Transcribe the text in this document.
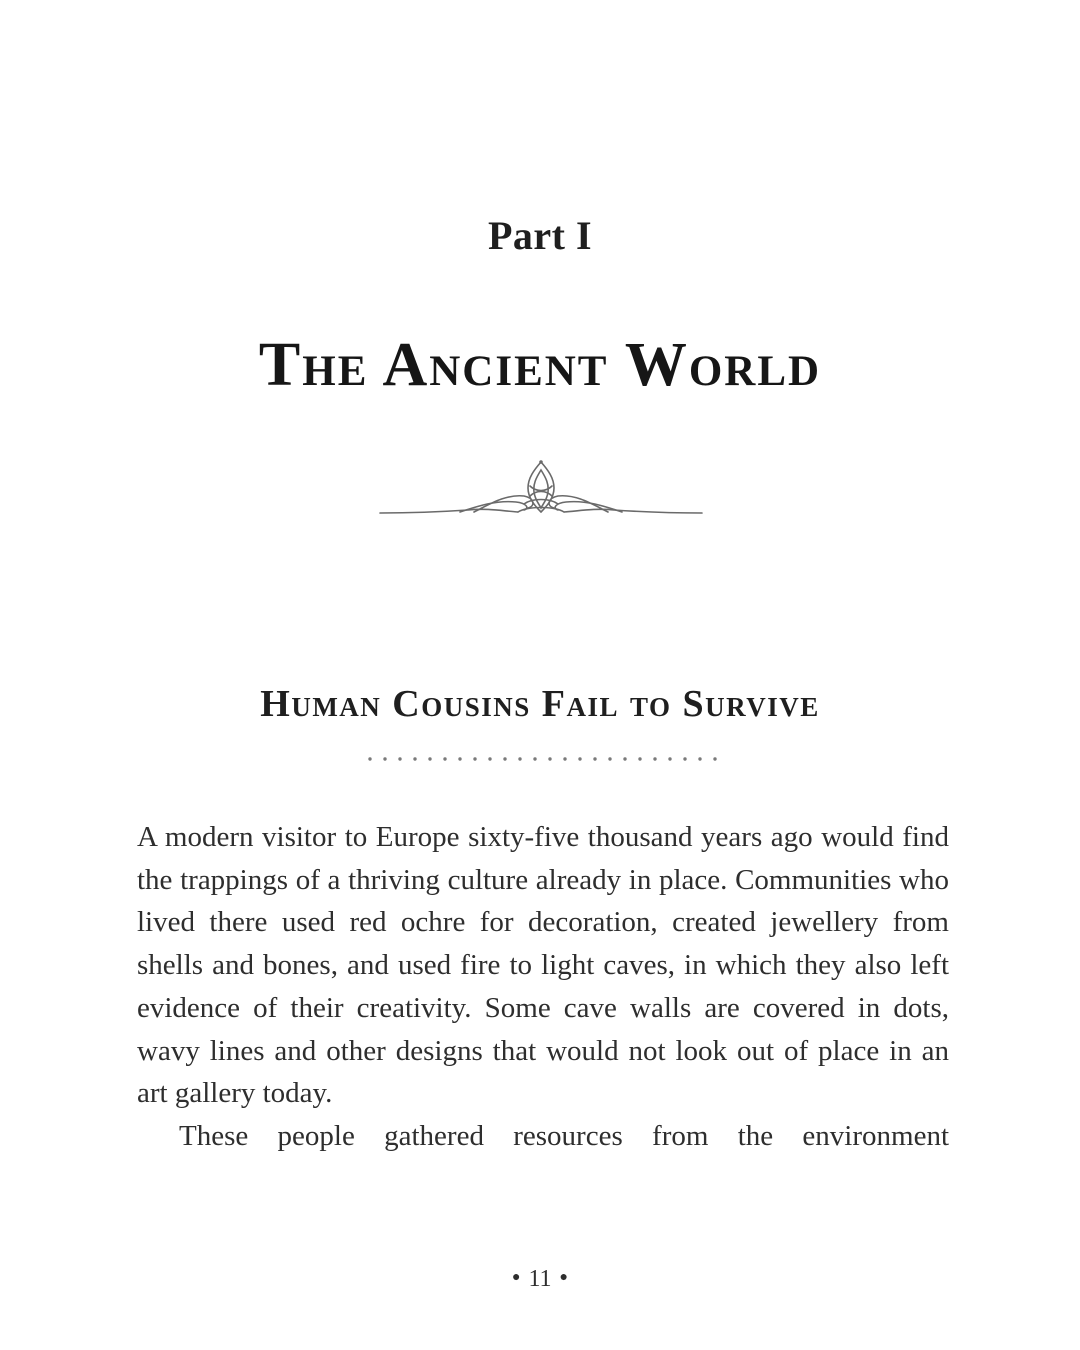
Part I
The Ancient World
Human Cousins Fail to Survive

A modern visitor to Europe sixty-five thousand years ago would find the trappings of a thriving culture already in place. Communities who lived there used red ochre for decoration, created jewellery from shells and bones, and used fire to light caves, in which they also left evidence of their creativity. Some cave walls are covered in dots, wavy lines and other designs that would not look out of place in an art gallery today.

These people gathered resources from the environment

● 11 ●
